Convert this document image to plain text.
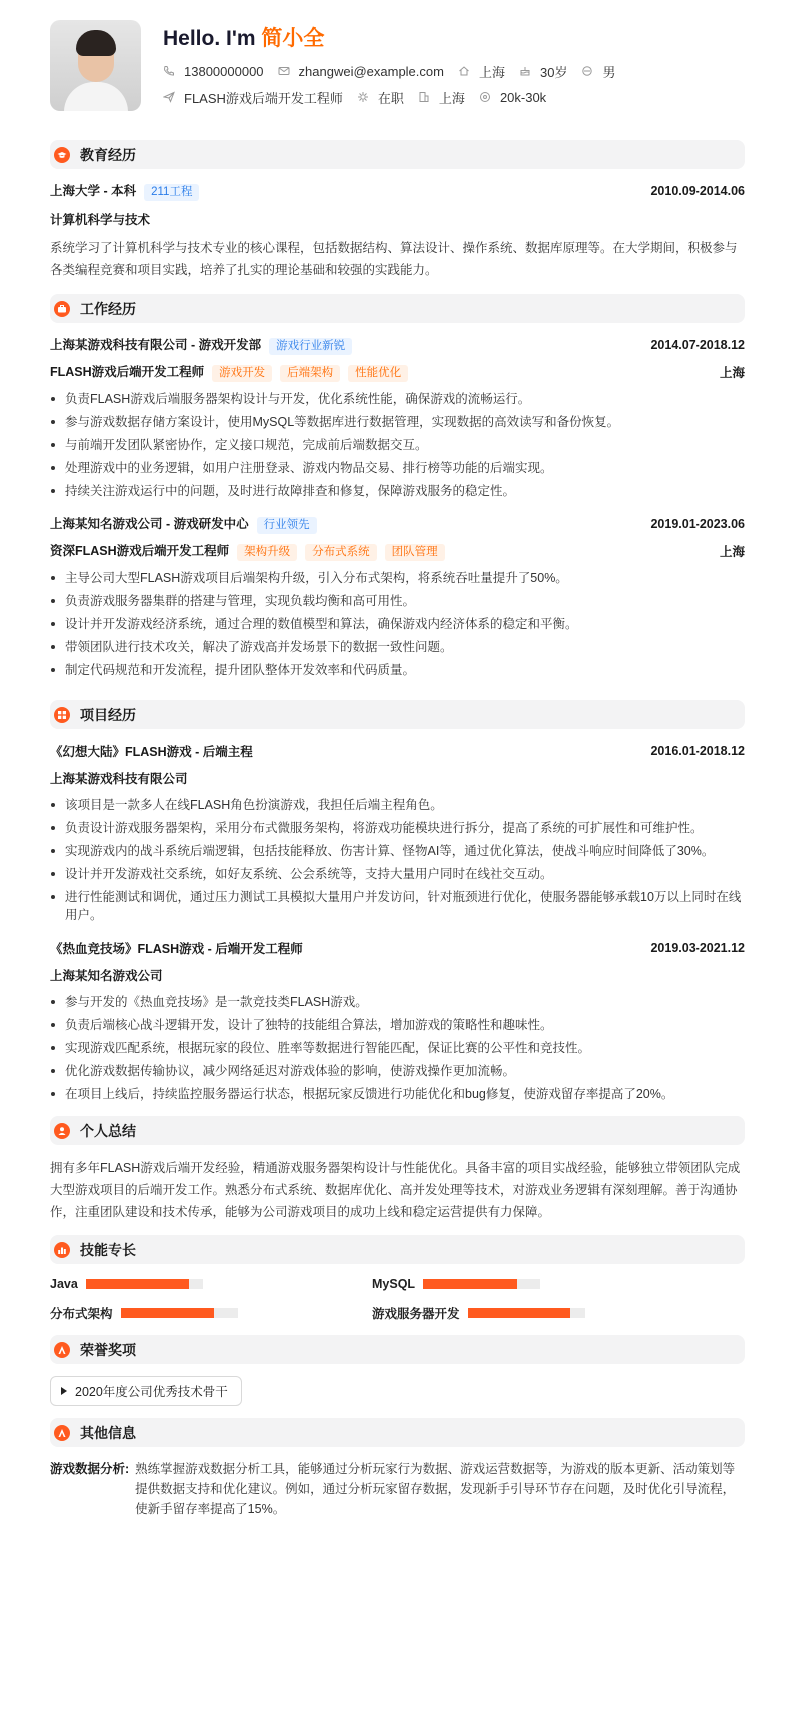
Hello. I'm 简小全
13800000000	zhangwei@example.com	上海	30岁	男
FLASH游戏后端开发工程师	在职	上海	20k-30k
教育经历
上海大学 - 本科 211工程	2010.09-2014.06
计算机科学与技术

系统学习了计算机科学与技术专业的核心课程，包括数据结构、算法设计、操作系统、数据库原理等。在大学期间，积极参与各类编程竞赛和项目实践，培养了扎实的理论基础和较强的实践能力。

工作经历
上海某游戏科技有限公司 - 游戏开发部 游戏行业新锐	2014.07-2018.12
FLASH游戏后端开发工程师 游戏开发 后端架构 性能优化	上海
负责FLASH游戏后端服务器架构设计与开发，优化系统性能，确保游戏的流畅运行。
参与游戏数据存储方案设计，使用MySQL等数据库进行数据管理，实现数据的高效读写和备份恢复。
与前端开发团队紧密协作，定义接口规范，完成前后端数据交互。
处理游戏中的业务逻辑，如用户注册登录、游戏内物品交易、排行榜等功能的后端实现。
持续关注游戏运行中的问题，及时进行故障排查和修复，保障游戏服务的稳定性。
上海某知名游戏公司 - 游戏研发中心 行业领先	2019.01-2023.06
资深FLASH游戏后端开发工程师 架构升级 分布式系统 团队管理	上海
主导公司大型FLASH游戏项目后端架构升级，引入分布式架构，将系统吞吐量提升了50%。
负责游戏服务器集群的搭建与管理，实现负载均衡和高可用性。
设计并开发游戏经济系统，通过合理的数值模型和算法，确保游戏内经济体系的稳定和平衡。
带领团队进行技术攻关，解决了游戏高并发场景下的数据一致性问题。
制定代码规范和开发流程，提升团队整体开发效率和代码质量。
项目经历
《幻想大陆》FLASH游戏 - 后端主程	2016.01-2018.12
上海某游戏科技有限公司
该项目是一款多人在线FLASH角色扮演游戏，我担任后端主程角色。
负责设计游戏服务器架构，采用分布式微服务架构，将游戏功能模块进行拆分，提高了系统的可扩展性和可维护性。
实现游戏内的战斗系统后端逻辑，包括技能释放、伤害计算、怪物AI等，通过优化算法，使战斗响应时间降低了30%。
设计并开发游戏社交系统，如好友系统、公会系统等，支持大量用户同时在线社交互动。
进行性能测试和调优，通过压力测试工具模拟大量用户并发访问，针对瓶颈进行优化，使服务器能够承载10万以上同时在线用户。
《热血竞技场》FLASH游戏 - 后端开发工程师	2019.03-2021.12
上海某知名游戏公司
参与开发的《热血竞技场》是一款竞技类FLASH游戏。
负责后端核心战斗逻辑开发，设计了独特的技能组合算法，增加游戏的策略性和趣味性。
实现游戏匹配系统，根据玩家的段位、胜率等数据进行智能匹配，保证比赛的公平性和竞技性。
优化游戏数据传输协议，减少网络延迟对游戏体验的影响，使游戏操作更加流畅。
在项目上线后，持续监控服务器运行状态，根据玩家反馈进行功能优化和bug修复，使游戏留存率提高了20%。
个人总结

拥有多年FLASH游戏后端开发经验，精通游戏服务器架构设计与性能优化。具备丰富的项目实战经验，能够独立带领团队完成大型游戏项目的后端开发工作。熟悉分布式系统、数据库优化、高并发处理等技术，对游戏业务逻辑有深刻理解。善于沟通协作，注重团队建设和技术传承，能够为公司游戏项目的成功上线和稳定运营提供有力保障。

技能专长
Java	MySQL
分布式架构	游戏服务器开发
荣誉奖项
2020年度公司优秀技术骨干
其他信息
游戏数据分析: 熟练掌握游戏数据分析工具，能够通过分析玩家行为数据、游戏运营数据等，为游戏的版本更新、活动策划等提供数据支持和优化建议。例如，通过分析玩家留存数据，发现新手引导环节存在问题，及时优化引导流程，使新手留存率提高了15%。
